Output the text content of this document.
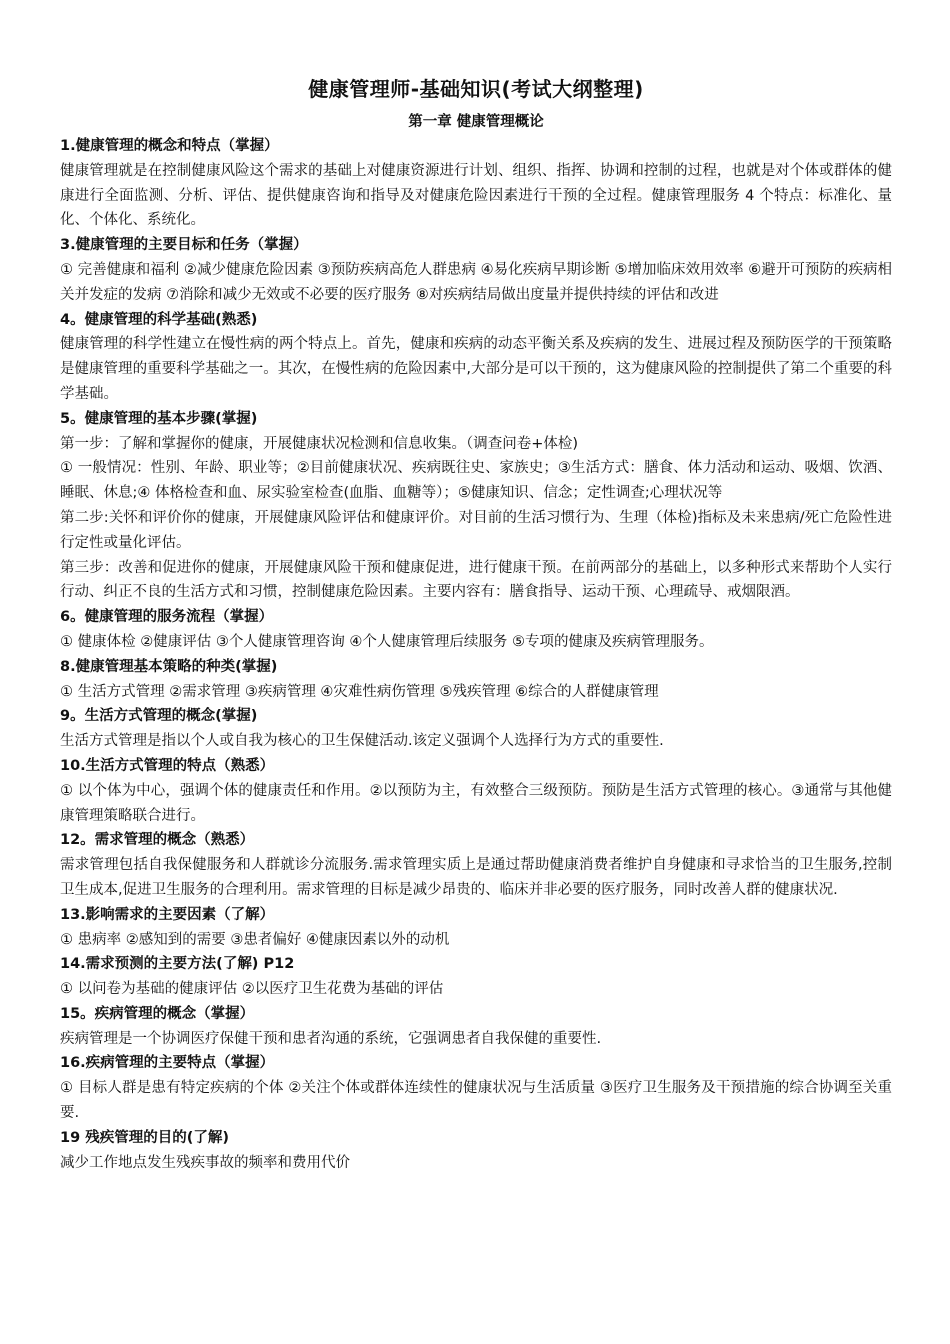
健康管理师-基础知识(考试大纲整理)
第一章 健康管理概论

1.健康管理的概念和特点（掌握）

健康管理就是在控制健康风险这个需求的基础上对健康资源进行计划、组织、指挥、协调和控制的过程，也就是对个体或群体的健康进行全面监测、分析、评估、提供健康咨询和指导及对健康危险因素进行干预的全过程。健康管理服务 4 个特点：标准化、量化、个体化、系统化。

3.健康管理的主要目标和任务（掌握）

① 完善健康和福利 ②减少健康危险因素 ③预防疾病高危人群患病 ④易化疾病早期诊断 ⑤增加临床效用效率 ⑥避开可预防的疾病相关并发症的发病 ⑦消除和减少无效或不必要的医疗服务 ⑧对疾病结局做出度量并提供持续的评估和改进

4。健康管理的科学基础(熟悉)

健康管理的科学性建立在慢性病的两个特点上。首先，健康和疾病的动态平衡关系及疾病的发生、进展过程及预防医学的干预策略是健康管理的重要科学基础之一。其次，在慢性病的危险因素中,大部分是可以干预的，这为健康风险的控制提供了第二个重要的科学基础。

5。健康管理的基本步骤(掌握)

第一步：了解和掌握你的健康，开展健康状况检测和信息收集。（调查问卷+体检)

① 一般情况：性别、年龄、职业等；②目前健康状况、疾病既往史、家族史；③生活方式：膳食、体力活动和运动、吸烟、饮酒、睡眠、休息;④ 体格检查和血、尿实验室检查(血脂、血糖等）；⑤健康知识、信念；定性调查;心理状况等

第二步:关怀和评价你的健康，开展健康风险评估和健康评价。对目前的生活习惯行为、生理（体检)指标及未来患病/死亡危险性进行定性或量化评估。

第三步：改善和促进你的健康，开展健康风险干预和健康促进，进行健康干预。在前两部分的基础上，以多种形式来帮助个人实行行动、纠正不良的生活方式和习惯，控制健康危险因素。主要内容有：膳食指导、运动干预、心理疏导、戒烟限酒。

6。健康管理的服务流程（掌握）

① 健康体检 ②健康评估 ③个人健康管理咨询 ④个人健康管理后续服务 ⑤专项的健康及疾病管理服务。

8.健康管理基本策略的种类(掌握)

① 生活方式管理 ②需求管理 ③疾病管理 ④灾难性病伤管理 ⑤残疾管理 ⑥综合的人群健康管理

9。生活方式管理的概念(掌握)

生活方式管理是指以个人或自我为核心的卫生保健活动.该定义强调个人选择行为方式的重要性.

10.生活方式管理的特点（熟悉）

① 以个体为中心，强调个体的健康责任和作用。②以预防为主，有效整合三级预防。预防是生活方式管理的核心。③通常与其他健康管理策略联合进行。

12。需求管理的概念（熟悉）

需求管理包括自我保健服务和人群就诊分流服务.需求管理实质上是通过帮助健康消费者维护自身健康和寻求恰当的卫生服务,控制卫生成本,促进卫生服务的合理利用。需求管理的目标是减少昂贵的、临床并非必要的医疗服务，同时改善人群的健康状况.

13.影响需求的主要因素（了解）

① 患病率 ②感知到的需要 ③患者偏好 ④健康因素以外的动机

14.需求预测的主要方法(了解) P12

① 以问卷为基础的健康评估 ②以医疗卫生花费为基础的评估

15。疾病管理的概念（掌握）

疾病管理是一个协调医疗保健干预和患者沟通的系统，它强调患者自我保健的重要性.

16.疾病管理的主要特点（掌握）

① 目标人群是患有特定疾病的个体 ②关注个体或群体连续性的健康状况与生活质量 ③医疗卫生服务及干预措施的综合协调至关重要.

19 残疾管理的目的(了解)

减少工作地点发生残疾事故的频率和费用代价
